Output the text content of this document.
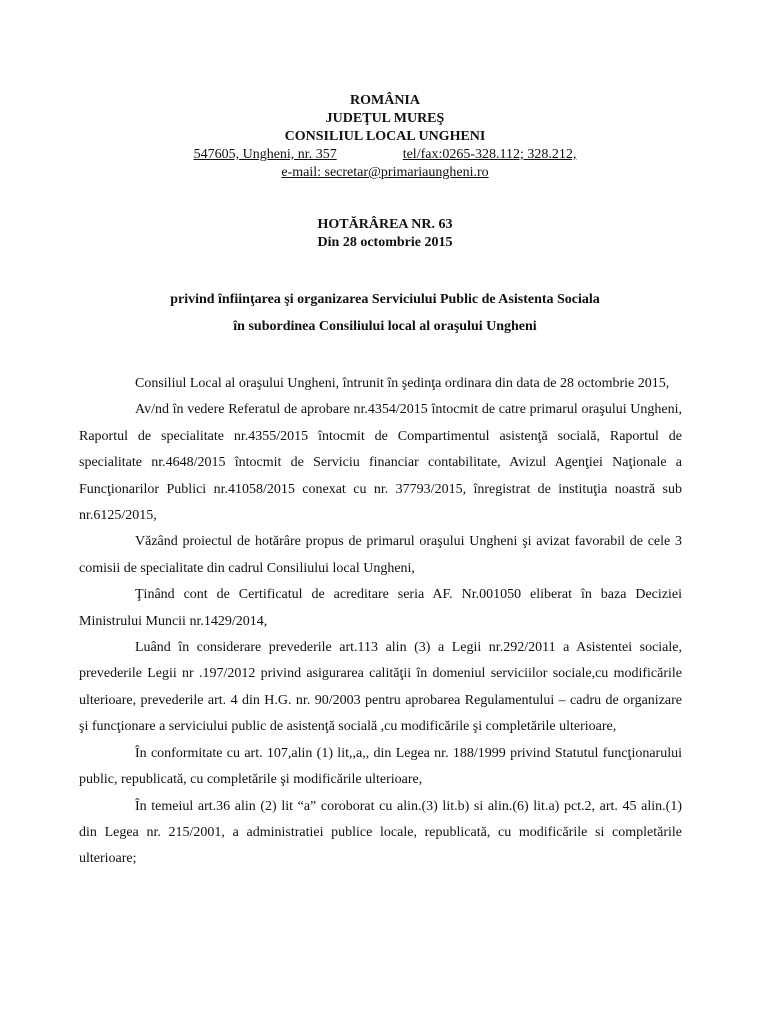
ROMÂNIA
JUDEŢUL MUREŞ
CONSILIUL LOCAL UNGHENI
547605, Ungheni, nr. 357	tel/fax:0265-328.112; 328.212,
e-mail: secretar@primariaungheni.ro
HOTĂRÂREA NR. 63
Din 28 octombrie 2015
privind înfiinţarea şi organizarea Serviciului Public de Asistenta Sociala
în subordinea Consiliului local al oraşului Ungheni

Consiliul Local al oraşului Ungheni, întrunit în şedinţa ordinara din data de 28 octombrie 2015,

Av/nd în vedere Referatul de aprobare nr.4354/2015 întocmit de catre primarul oraşului Ungheni, Raportul de specialitate nr.4355/2015 întocmit de Compartimentul asistenţă socială, Raportul de specialitate nr.4648/2015 întocmit de Serviciu financiar contabilitate, Avizul Agenţiei Naţionale a Funcţionarilor Publici nr.41058/2015 conexat cu nr. 37793/2015, înregistrat de instituţia noastră sub nr.6125/2015,

Văzând proiectul de hotărâre propus de primarul oraşului Ungheni şi avizat favorabil de cele 3 comisii de specialitate din cadrul Consiliului local Ungheni,

Ţinând cont de Certificatul de acreditare seria AF. Nr.001050 eliberat în baza Deciziei Ministrului Muncii nr.1429/2014,

Luând în considerare prevederile art.113 alin (3) a Legii nr.292/2011 a Asistentei sociale, prevederile Legii nr .197/2012 privind asigurarea calităţii în domeniul serviciilor sociale,cu modificările ulterioare, prevederile art. 4 din H.G. nr. 90/2003 pentru aprobarea Regulamentului – cadru de organizare şi funcţionare a serviciului public de asistenţă socială ,cu modificările şi completările ulterioare,

În conformitate cu art. 107,alin (1) lit,,a,, din Legea nr. 188/1999 privind Statutul funcţionarului public, republicată, cu completările şi modificările ulterioare,

În temeiul art.36 alin (2) lit “a” coroborat cu alin.(3) lit.b) si alin.(6) lit.a) pct.2, art. 45 alin.(1) din Legea nr. 215/2001, a administratiei publice locale, republicată, cu modificările si completările ulterioare;
